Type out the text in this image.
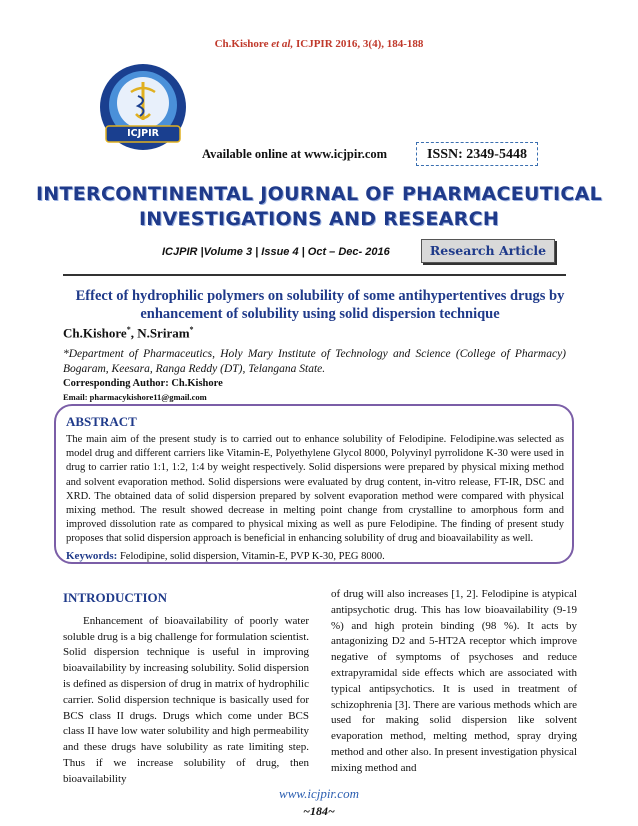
Ch.Kishore et al, ICJPIR 2016, 3(4), 184-188
ICJPIR
Available online at www.icjpir.com	ISSN: 2349-5448
INTERCONTINENTAL JOURNAL OF PHARMACEUTICAL
INVESTIGATIONS AND RESEARCH
ICJPIR |Volume 3 | Issue 4 | Oct – Dec- 2016	Research Article
Effect of hydrophilic polymers on solubility of some antihypertentives drugs by enhancement of solubility using solid dispersion technique
Ch.Kishore*, N.Sriram*
*Department of Pharmaceutics, Holy Mary Institute of Technology and Science (College of Pharmacy) Bogaram, Keesara, Ranga Reddy (DT), Telangana State.
Corresponding Author: Ch.Kishore
Email: pharmacykishore11@gmail.com
ABSTRACT

The main aim of the present study is to carried out to enhance solubility of Felodipine. Felodipine.was selected as model drug and different carriers like Vitamin-E, Polyethylene Glycol 8000, Polyvinyl pyrrolidone K-30 were used in drug to carrier ratio 1:1, 1:2, 1:4 by weight respectively. Solid dispersions were prepared by physical mixing method and solvent evaporation method. Solid dispersions were evaluated by drug content, in-vitro release, FT-IR, DSC and XRD. The obtained data of solid dispersion prepared by solvent evaporation method were compared with physical mixing method. The result showed decrease in melting point change from crystalline to amorphous form and improved dissolution rate as compared to physical mixing as well as pure Felodipine. The finding of present study proposes that solid dispersion approach is beneficial in enhancing solubility of drug and bioavailability as well.

Keywords: Felodipine, solid dispersion, Vitamin-E, PVP K-30, PEG 8000.
INTRODUCTION

Enhancement of bioavailability of poorly water soluble drug is a big challenge for formulation scientist. Solid dispersion technique is useful in improving bioavailability by increasing solubility. Solid dispersion is defined as dispersion of drug in matrix of hydrophilic carrier. Solid dispersion technique is basically used for BCS class II drugs. Drugs which come under BCS class II have low water solubility and high permeability and these drugs have solubility as rate limiting step. Thus if we increase solubility of drug, then bioavailability

of drug will also increases [1, 2]. Felodipine is atypical antipsychotic drug. This has low bioavailability (9-19 %) and high protein binding (98 %). It acts by antagonizing D2 and 5-HT2A receptor which improve negative of symptoms of psychoses and reduce extrapyramidal side effects which are associated with typical antipsychotics. It is used in treatment of schizophrenia [3]. There are various methods which are used for making solid dispersion like solvent evaporation method, melting method, spray drying method and other also. In present investigation physical mixing method and

www.icjpir.com
~184~
